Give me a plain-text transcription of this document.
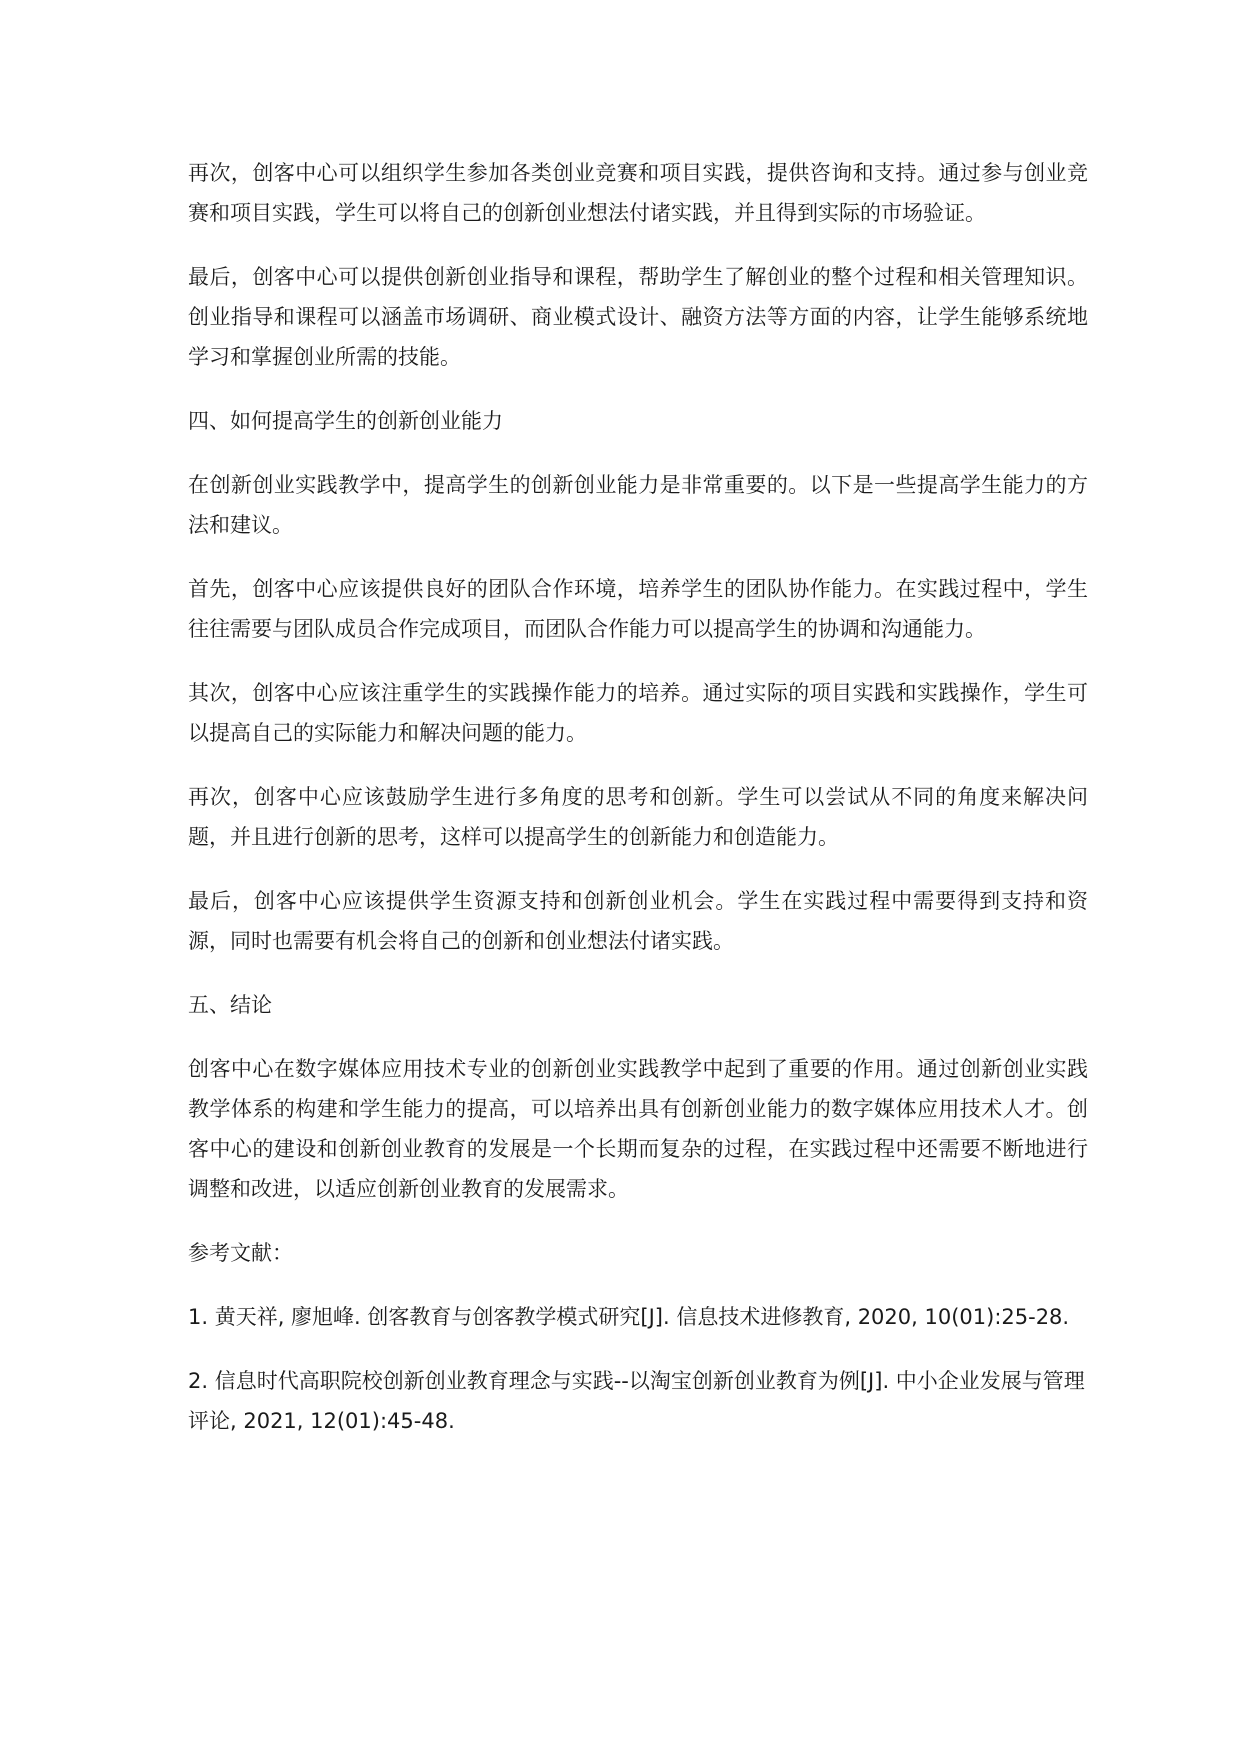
再次，创客中心可以组织学生参加各类创业竞赛和项目实践，提供咨询和支持。通过参与创业竞赛和项目实践，学生可以将自己的创新创业想法付诸实践，并且得到实际的市场验证。

最后，创客中心可以提供创新创业指导和课程，帮助学生了解创业的整个过程和相关管理知识。创业指导和课程可以涵盖市场调研、商业模式设计、融资方法等方面的内容，让学生能够系统地学习和掌握创业所需的技能。

四、如何提高学生的创新创业能力

在创新创业实践教学中，提高学生的创新创业能力是非常重要的。以下是一些提高学生能力的方法和建议。

首先，创客中心应该提供良好的团队合作环境，培养学生的团队协作能力。在实践过程中，学生往往需要与团队成员合作完成项目，而团队合作能力可以提高学生的协调和沟通能力。

其次，创客中心应该注重学生的实践操作能力的培养。通过实际的项目实践和实践操作，学生可以提高自己的实际能力和解决问题的能力。

再次，创客中心应该鼓励学生进行多角度的思考和创新。学生可以尝试从不同的角度来解决问题，并且进行创新的思考，这样可以提高学生的创新能力和创造能力。

最后，创客中心应该提供学生资源支持和创新创业机会。学生在实践过程中需要得到支持和资源，同时也需要有机会将自己的创新和创业想法付诸实践。

五、结论

创客中心在数字媒体应用技术专业的创新创业实践教学中起到了重要的作用。通过创新创业实践教学体系的构建和学生能力的提高，可以培养出具有创新创业能力的数字媒体应用技术人才。创客中心的建设和创新创业教育的发展是一个长期而复杂的过程，在实践过程中还需要不断地进行调整和改进，以适应创新创业教育的发展需求。

参考文献：

1. 黄天祥, 廖旭峰. 创客教育与创客教学模式研究[J]. 信息技术进修教育, 2020, 10(01):25-28.

2. 信息时代高职院校创新创业教育理念与实践--以淘宝创新创业教育为例[J]. 中小企业发展与管理评论, 2021, 12(01):45-48.
